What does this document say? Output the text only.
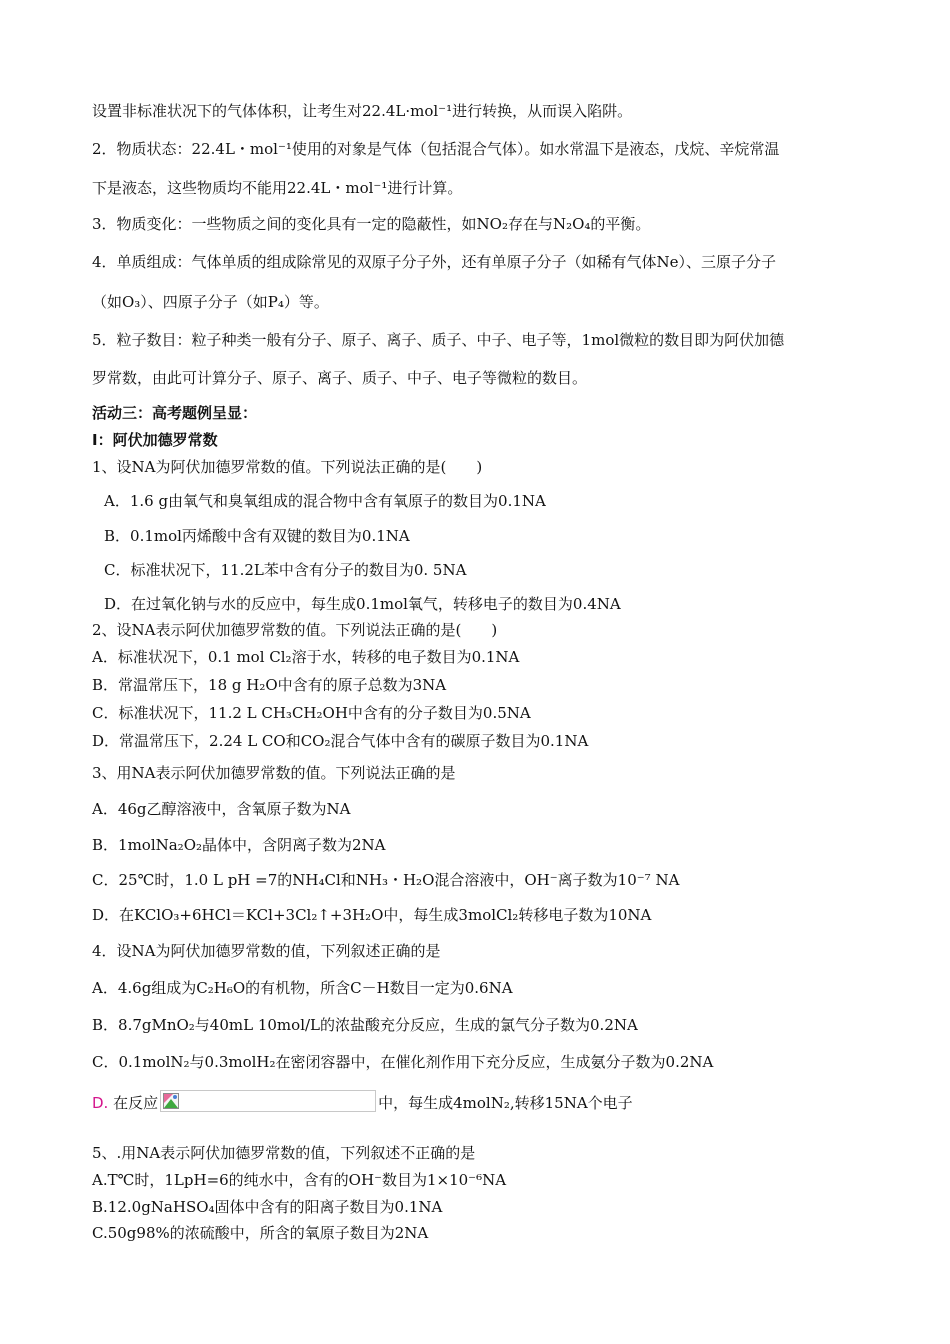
设置非标准状况下的气体体积，让考生对22.4L·mol⁻¹进行转换，从而误入陷阱。
2．物质状态：22.4L・mol⁻¹使用的对象是气体（包括混合气体）。如水常温下是液态，戊烷、辛烷常温
下是液态，这些物质均不能用22.4L・mol⁻¹进行计算。
3．物质变化：一些物质之间的变化具有一定的隐蔽性，如NO₂存在与N₂O₄的平衡。
4．单质组成：气体单质的组成除常见的双原子分子外，还有单原子分子（如稀有气体Ne）、三原子分子
（如O₃）、四原子分子（如P₄）等。
5．粒子数目：粒子种类一般有分子、原子、离子、质子、中子、电子等，1mol微粒的数目即为阿伏加德
罗常数，由此可计算分子、原子、离子、质子、中子、电子等微粒的数目。
活动三：高考题例呈显：
I：阿伏加德罗常数
1、设NA为阿伏加德罗常数的值。下列说法正确的是(　　)
A．1.6 g由氧气和臭氧组成的混合物中含有氧原子的数目为0.1NA
B．0.1mol丙烯酸中含有双键的数目为0.1NA
C．标准状况下，11.2L苯中含有分子的数目为0. 5NA
D．在过氧化钠与水的反应中，每生成0.1mol氧气，转移电子的数目为0.4NA
2、设NA表示阿伏加德罗常数的值。下列说法正确的是(　　)
A．标准状况下，0.1 mol Cl₂溶于水，转移的电子数目为0.1NA
B．常温常压下，18 g H₂O中含有的原子总数为3NA
C．标准状况下，11.2 L CH₃CH₂OH中含有的分子数目为0.5NA
D．常温常压下，2.24 L CO和CO₂混合气体中含有的碳原子数目为0.1NA
3、用NA表示阿伏加德罗常数的值。下列说法正确的是
A．46g乙醇溶液中，含氧原子数为NA
B．1molNa₂O₂晶体中，含阴离子数为2NA
C．25℃时，1.0 L pH =7的NH₄Cl和NH₃・H₂O混合溶液中，OH⁻离子数为10⁻⁷ NA
D．在KClO₃+6HCl＝KCl+3Cl₂↑+3H₂O中，每生成3molCl₂转移电子数为10NA
4．设NA为阿伏加德罗常数的值，下列叙述正确的是
A．4.6g组成为C₂H₆O的有机物，所含C－H数目一定为0.6NA
B．8.7gMnO₂与40mL 10mol/L的浓盐酸充分反应，生成的氯气分子数为0.2NA
C．0.1molN₂与0.3molH₂在密闭容器中，在催化剂作用下充分反应，生成氨分子数为0.2NA
D. 在反应	中，每生成4molN₂,转移15NA个电子
5、.用NA表示阿伏加德罗常数的值，下列叙述不正确的是
A.T℃时，1LpH=6的纯水中，含有的OH⁻数目为1×10⁻⁶NA
B.12.0gNaHSO₄固体中含有的阳离子数目为0.1NA
C.50g98%的浓硫酸中，所含的氧原子数目为2NA
